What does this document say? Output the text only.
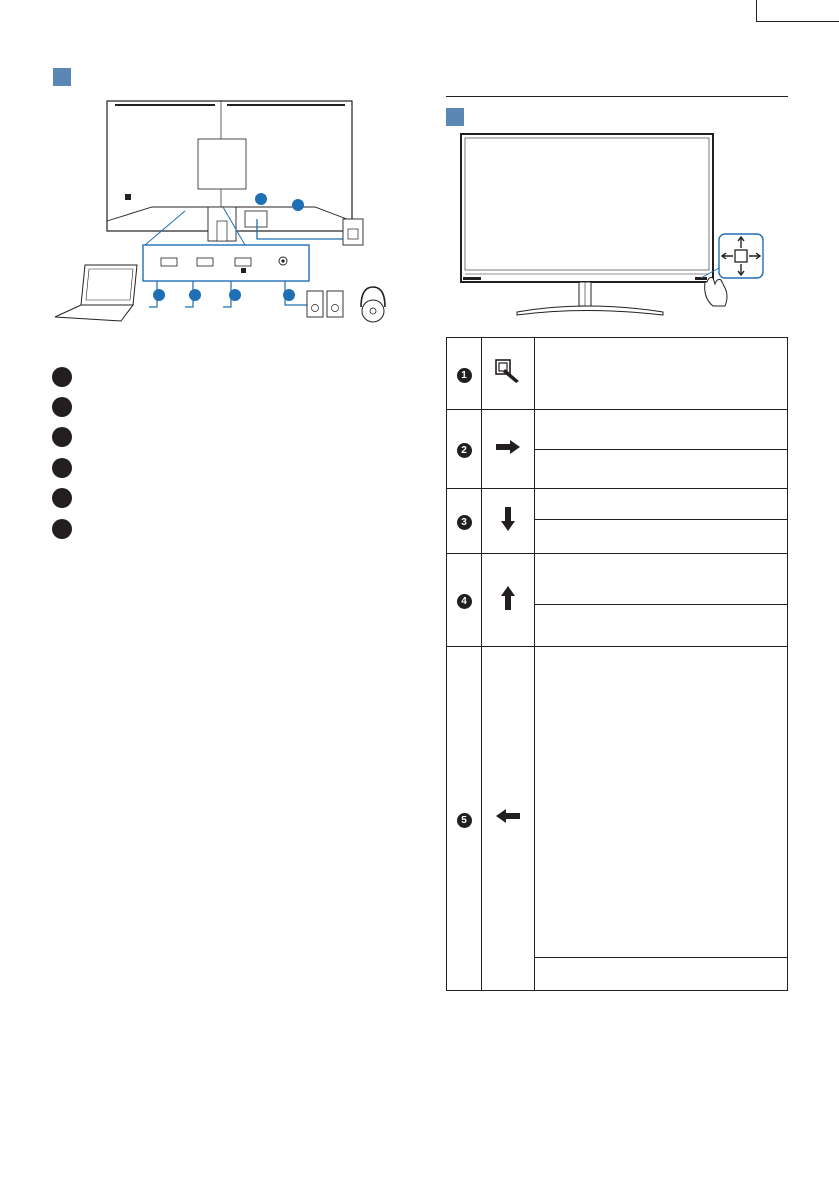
1		
2		

3		

4		

5		
